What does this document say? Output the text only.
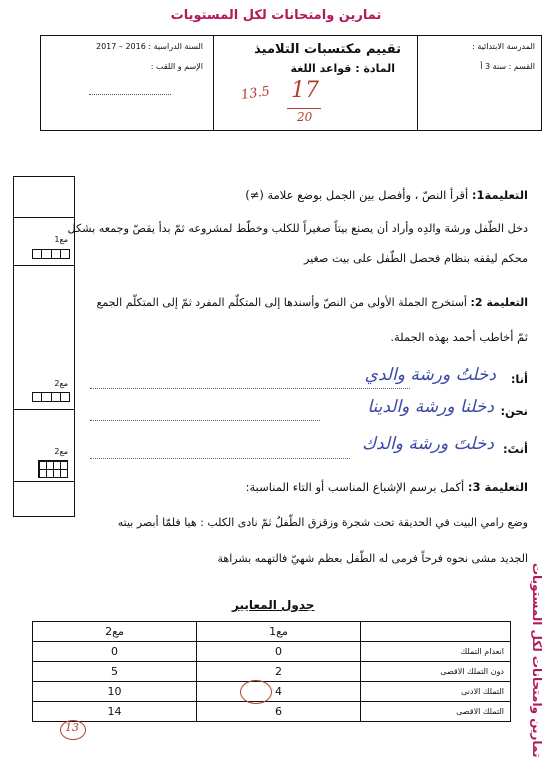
تمارين وامتحانات لكل المستويات
المدرسة الابتدائية :
القسم : سنة 3 أ
تقييم مكتسبات التلاميذ
المادة : قواعد اللغة
17
20
13.5
السنة الدراسية : 2016 – 2017
الإسم و اللقب :
مع1
مع2
مع2
التعليمة1: أقرأ النصّ ، وأفصل بين الجمل بوضع علامة (≠)
دخل الطّفل ورشة والدِه وأراد أن يصنع بيتاً صغيراً للكلب وخطّط لمشروعه ثمّ بدأ يقصّ وجمعه بشكل
محكم ليقفه بنظام فحصل الطّفل على بيت صغير
التعليمة 2: أستخرج الجملة الأولى من النصّ وأسندها إلى المتكلّم المفرد ثمّ إلى المتكلّم الجمع
ثمّ أخاطب أحمد بهذه الجملة.
أنا:
دخلتُ ورشة والدي
نحن:
دخلنا ورشة والدينا
أنتَ:
دخلتَ ورشة والدك
التعليمة 3: أكمل برسم الإشباع المناسب أو التاء المناسبة:
وضع رامي البيت في الحديقة تحت شجرة وزقزق الطّفلُ ثمّ نادى الكلب : هيا فلمّا أبصر بيته
الجديد مشى نحوه فرحاً فرمى له الطّفل بعظم شهيّ فالتهمه بشراهة
جدول المعايير
	مع1	مع2
انعدام التملك	0	0
دون التملك الاقصى	2	5
التملك الادنى	4	10
التملك الاقصى	6	14
13	تمارين وامتحانات لكل المستويات
